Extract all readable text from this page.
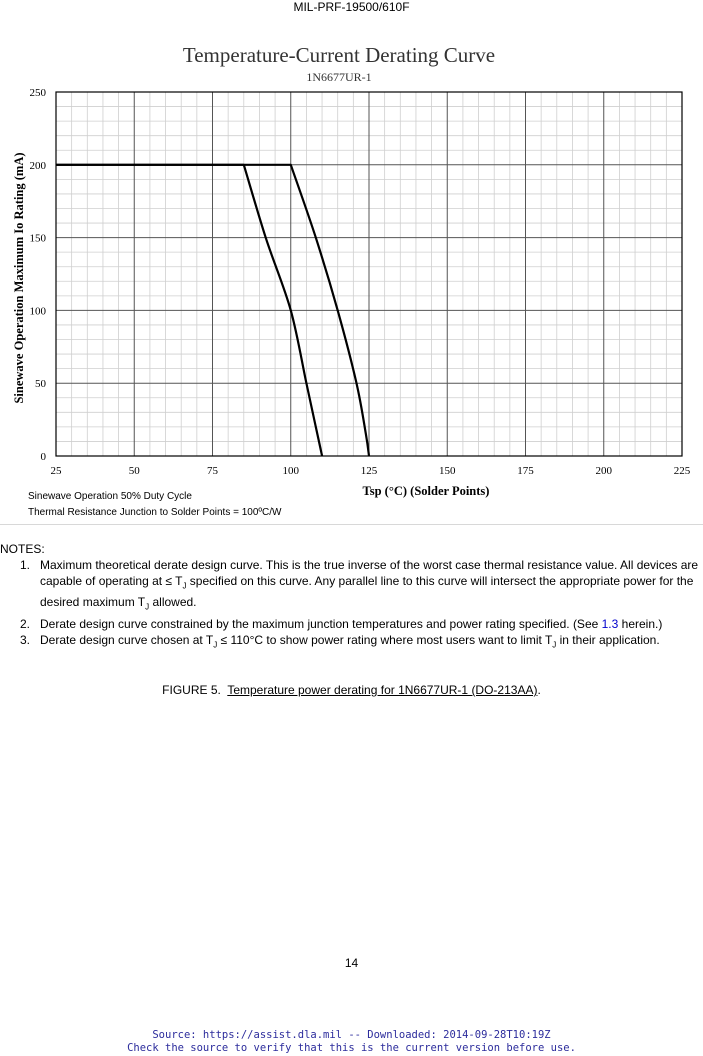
MIL-PRF-19500/610F
Temperature-Current Derating Curve
1N6677UR-1
25	50	75	100	125	150	175	200	225
0
50
100
150
200
250
Tsp (°C) (Solder Points)
Sinewave Operation Maximum Io Rating (mA)
Sinewave Operation 50% Duty Cycle
Thermal Resistance Junction to Solder Points = 100ºC/W

NOTES:

1. Maximum theoretical derate design curve. This is the true inverse of the worst case thermal resistance value. All devices are capable of operating at ≤ $T_J$ specified on this curve. Any parallel line to this curve will intersect the appropriate power for the desired maximum $T_J$ allowed.
2. Derate design curve constrained by the maximum junction temperatures and power rating specified. (See 1.3 herein.)
3. Derate design curve chosen at $T_J \le 110^\circ C$ to show power rating where most users want to limit $T_J$ in their application.
FIGURE 5. Temperature power derating for 1N6677UR-1 (DO-213AA).
14
Source: https://assist.dla.mil -- Downloaded: 2014-09-28T10:19Z
Check the source to verify that this is the current version before use.
